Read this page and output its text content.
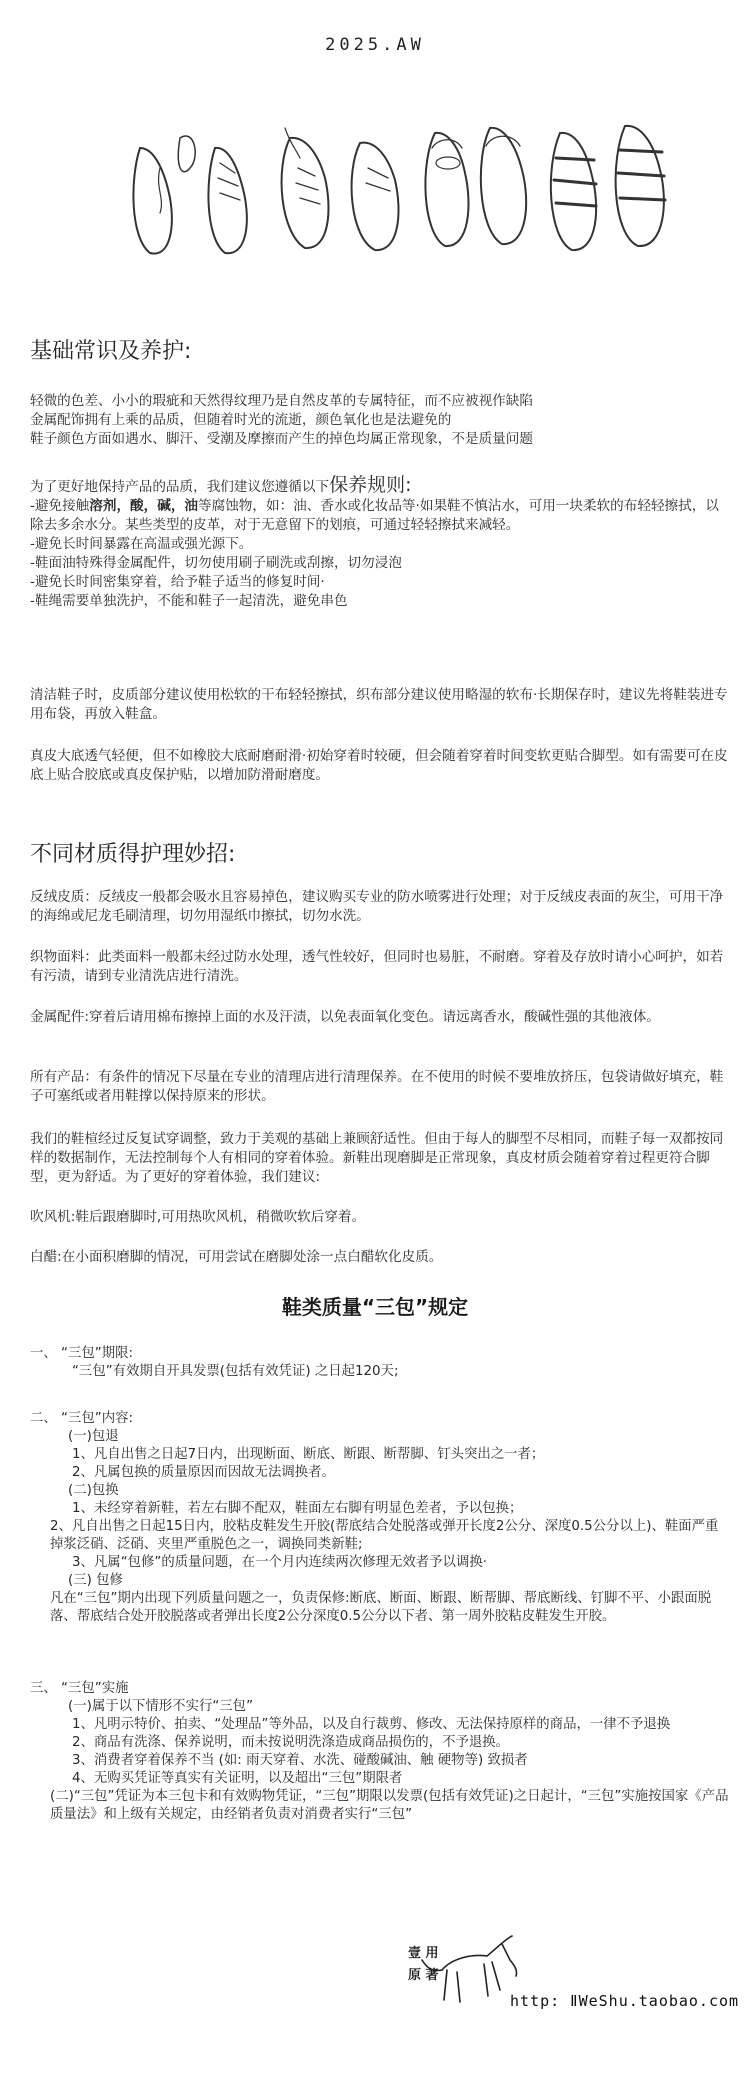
2025.AW
基础常识及养护:
轻微的色差、小小的瑕疵和天然得纹理乃是自然皮革的专属特征，而不应被视作缺陷
金属配饰拥有上乘的品质，但随着时光的流逝，颜色氧化也是法避免的
鞋子颜色方面如遇水、脚汗、受潮及摩擦而产生的掉色均属正常现象，不是质量问题
为了更好地保持产品的品质，我们建议您遵循以下保养规则:
-避免接触溶剂，酸，碱，油等腐蚀物，如：油、香水或化妆品等·如果鞋不慎沾水，可用一块柔软的布轻轻擦拭，以除去多余水分。某些类型的皮革，对于无意留下的划痕，可通过轻轻擦拭来减轻。
-避免长时间暴露在高温或强光源下。
-鞋面油特殊得金属配件，切勿使用刷子刷洗或刮擦，切勿浸泡
-避免长时间密集穿着，给予鞋子适当的修复时间·
-鞋绳需要单独洗护，不能和鞋子一起清洗，避免串色
清洁鞋子时，皮质部分建议使用松软的干布轻轻擦拭，织布部分建议使用略湿的软布·长期保存时，建议先将鞋装进专用布袋，再放入鞋盒。
真皮大底透气轻便，但不如橡胶大底耐磨耐滑·初始穿着时较硬，但会随着穿着时间变软更贴合脚型。如有需要可在皮底上贴合胶底或真皮保护贴，以增加防滑耐磨度。
不同材质得护理妙招:
反绒皮质：反绒皮一般都会吸水且容易掉色，建议购买专业的防水喷雾进行处理；对于反绒皮表面的灰尘，可用干净的海绵或尼龙毛刷清理，切勿用湿纸巾擦拭，切勿水洗。
织物面料：此类面料一般都未经过防水处理，透气性较好，但同时也易脏，不耐磨。穿着及存放时请小心呵护，如若有污渍，请到专业清洗店进行清洗。
金属配件:穿着后请用棉布擦掉上面的水及汗渍，以免表面氧化变色。请远离香水，酸碱性强的其他液体。
所有产品：有条件的情况下尽量在专业的清理店进行清理保养。在不使用的时候不要堆放挤压，包袋请做好填充，鞋子可塞纸或者用鞋撑以保持原来的形状。
我们的鞋楦经过反复试穿调整，致力于美观的基础上兼顾舒适性。但由于每人的脚型不尽相同，而鞋子每一双都按同样的数据制作，无法控制每个人有相同的穿着体验。新鞋出现磨脚是正常现象，真皮材质会随着穿着过程更符合脚型，更为舒适。为了更好的穿着体验，我们建议:
吹风机:鞋后跟磨脚时,可用热吹风机，稍微吹软后穿着。
白醋:在小面积磨脚的情况，可用尝试在磨脚处涂一点白醋软化皮质。
鞋类质量“三包”规定
一、 “三包”期限:
“三包”有效期自开具发票(包括有效凭证) 之日起120天;
二、 “三包”内容:
(一)包退
1、凡自出售之日起7日内，出现断面、断底、断跟、断帮脚、钉头突出之一者；
2、凡属包换的质量原因而因故无法调换者。
(二)包换
1、未经穿着新鞋，若左右脚不配双，鞋面左右脚有明显色差者，予以包换；
2、凡自出售之日起15日内，胶粘皮鞋发生开胶(帮底结合处脱落或弹开长度2公分、深度0.5公分以上)、鞋面严重掉浆泛硝、泛硝、夹里严重脱色之一，调换同类新鞋;
3、凡属“包修”的质量问题，在一个月内连续两次修理无效者予以调换·
(三) 包修
凡在“三包”期内出现下列质量问题之一，负责保修:断底、断面、断跟、断帮脚、帮底断线、钉脚不平、小跟面脱落、帮底结合处开胶脱落或者弹出长度2公分深度0.5公分以下者、第一周外胶粘皮鞋发生开胶。
三、 “三包”实施
(一)属于以下情形不实行“三包”
1、凡明示特价、拍卖、“处理品”等外品，以及自行裁剪、修改、无法保持原样的商品，一律不予退换
2、商品有洗涤、保养说明，而未按说明洗涤造成商品损伤的，不予退换。
3、消费者穿着保养不当 (如: 雨天穿着、水洗、碰酸碱油、触 硬物等) 致损者
4、无购买凭证等真实有关证明，以及超出“三包”期限者
(二)“三包”凭证为本三包卡和有效购物凭证，“三包”期限以发票(包括有效凭证)之日起计，“三包”实施按国家《产品质量法》和上级有关规定，由经销者负责对消费者实行“三包”
壹 用
原 著
http: ⅡWeShu.taobao.com
